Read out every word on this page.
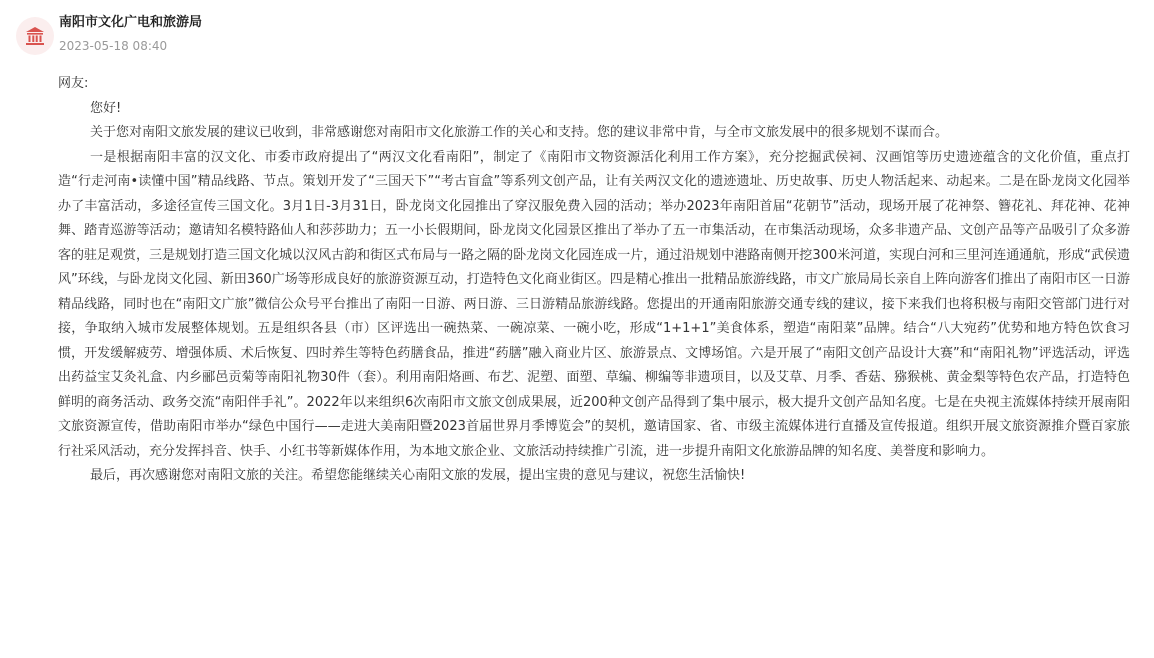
南阳市文化广电和旅游局
2023-05-18 08:40

网友:

您好!

关于您对南阳文旅发展的建议已收到，非常感谢您对南阳市文化旅游工作的关心和支持。您的建议非常中肯，与全市文旅发展中的很多规划不谋而合。

一是根据南阳丰富的汉文化、市委市政府提出了“两汉文化看南阳”，制定了《南阳市文物资源活化利用工作方案》，充分挖掘武侯祠、汉画馆等历史遗迹蕴含的文化价值，重点打造“行走河南•读懂中国”精品线路、节点。策划开发了“三国天下”“考古盲盒”等系列文创产品，让有关两汉文化的遗迹遗址、历史故事、历史人物活起来、动起来。二是在卧龙岗文化园举办了丰富活动，多途径宣传三国文化。3月1日-3月31日，卧龙岗文化园推出了穿汉服免费入园的活动；举办2023年南阳首届“花朝节”活动，现场开展了花神祭、簪花礼、拜花神、花神舞、踏青巡游等活动；邀请知名模特路仙人和莎莎助力；五一小长假期间，卧龙岗文化园景区推出了举办了五一市集活动，在市集活动现场，众多非遗产品、文创产品等产品吸引了众多游客的驻足观赏，三是规划打造三国文化城以汉风古韵和街区式布局与一路之隔的卧龙岗文化园连成一片，通过沿规划中港路南侧开挖300米河道，实现白河和三里河连通通航，形成“武侯遗风”环线，与卧龙岗文化园、新田360广场等形成良好的旅游资源互动，打造特色文化商业街区。四是精心推出一批精品旅游线路，市文广旅局局长亲自上阵向游客们推出了南阳市区一日游精品线路，同时也在“南阳文广旅”微信公众号平台推出了南阳一日游、两日游、三日游精品旅游线路。您提出的开通南阳旅游交通专线的建议，接下来我们也将积极与南阳交管部门进行对接，争取纳入城市发展整体规划。五是组织各县（市）区评选出一碗热菜、一碗凉菜、一碗小吃，形成“1+1+1”美食体系，塑造“南阳菜”品牌。结合“八大宛药”优势和地方特色饮食习惯，开发缓解疲劳、增强体质、术后恢复、四时养生等特色药膳食品，推进“药膳”融入商业片区、旅游景点、文博场馆。六是开展了“南阳文创产品设计大赛”和“南阳礼物”评选活动，评选出药益宝艾灸礼盒、内乡郦邑贡菊等南阳礼物30件（套）。利用南阳烙画、布艺、泥塑、面塑、草编、柳编等非遗项目，以及艾草、月季、香菇、猕猴桃、黄金梨等特色农产品，打造特色鲜明的商务活动、政务交流“南阳伴手礼”。2022年以来组织6次南阳市文旅文创成果展，近200种文创产品得到了集中展示，极大提升文创产品知名度。七是在央视主流媒体持续开展南阳文旅资源宣传，借助南阳市举办“绿色中国行——走进大美南阳暨2023首届世界月季博览会”的契机，邀请国家、省、市级主流媒体进行直播及宣传报道。组织开展文旅资源推介暨百家旅行社采风活动，充分发挥抖音、快手、小红书等新媒体作用，为本地文旅企业、文旅活动持续推广引流，进一步提升南阳文化旅游品牌的知名度、美誉度和影响力。

最后，再次感谢您对南阳文旅的关注。希望您能继续关心南阳文旅的发展，提出宝贵的意见与建议，祝您生活愉快!
